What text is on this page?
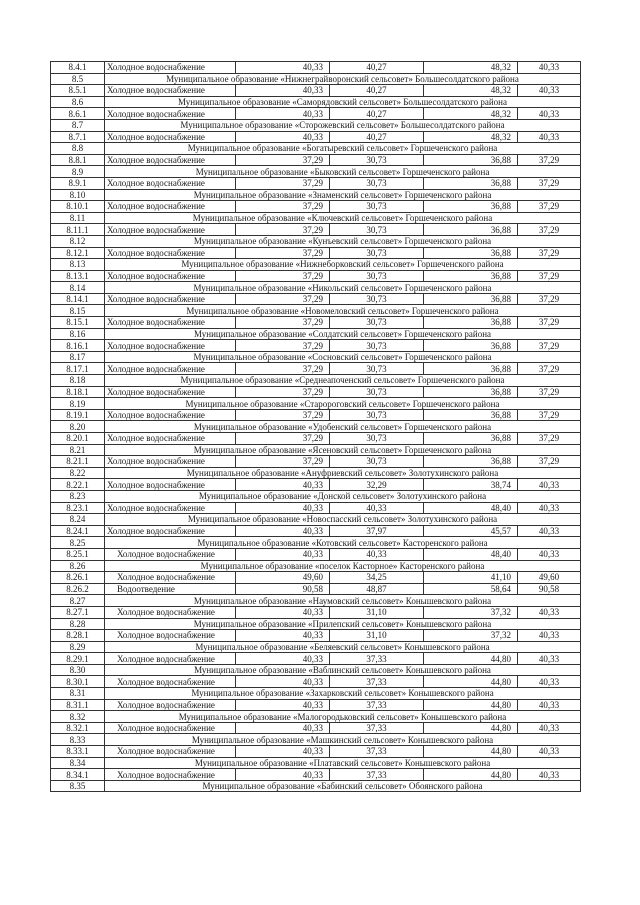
8.4.1	Холодное водоснабжение	40,33	40,27	48,32	40,33
8.5	Муниципальное образование «Нижнеграйворонский сельсовет» Большесолдатского района				
8.5.1	Холодное водоснабжение	40,33	40,27	48,32	40,33
8.6	Муниципальное образование «Саморядовский сельсовет» Большесолдатского района				
8.6.1	Холодное водоснабжение	40,33	40,27	48,32	40,33
8.7	Муниципальное образование «Сторожевский сельсовет» Большесолдатского района				
8.7.1	Холодное водоснабжение	40,33	40,27	48,32	40,33
8.8	Муниципальное образование «Богатыревский сельсовет» Горшеченского района				
8.8.1	Холодное водоснабжение	37,29	30,73	36,88	37,29
8.9	Муниципальное образование «Быковский сельсовет» Горшеченского района				
8.9.1	Холодное водоснабжение	37,29	30,73	36,88	37,29
8.10	Муниципальное образование «Знаменский сельсовет» Горшеченского района				
8.10.1	Холодное водоснабжение	37,29	30,73	36,88	37,29
8.11	Муниципальное образование «Ключевский сельсовет» Горшеченского района				
8.11.1	Холодное водоснабжение	37,29	30,73	36,88	37,29
8.12	Муниципальное образование «Кунъевский сельсовет» Горшеченского района				
8.12.1	Холодное водоснабжение	37,29	30,73	36,88	37,29
8.13	Муниципальное образование «Нижнеборковский сельсовет» Горшеченского района				
8.13.1	Холодное водоснабжение	37,29	30,73	36,88	37,29
8.14	Муниципальное образование «Никольский сельсовет» Горшеченского района				
8.14.1	Холодное водоснабжение	37,29	30,73	36,88	37,29
8.15	Муниципальное образование «Новомеловский сельсовет» Горшеченского района				
8.15.1	Холодное водоснабжение	37,29	30,73	36,88	37,29
8.16	Муниципальное образование «Солдатский сельсовет» Горшеченского района				
8.16.1	Холодное водоснабжение	37,29	30,73	36,88	37,29
8.17	Муниципальное образование «Сосновский сельсовет» Горшеченского района				
8.17.1	Холодное водоснабжение	37,29	30,73	36,88	37,29
8.18	Муниципальное образование «Среднеапоченский сельсовет» Горшеченского района				
8.18.1	Холодное водоснабжение	37,29	30,73	36,88	37,29
8.19	Муниципальное образование «Старороговский сельсовет» Горшеченского района				
8.19.1	Холодное водоснабжение	37,29	30,73	36,88	37,29
8.20	Муниципальное образование «Удобенский сельсовет» Горшеченского района				
8.20.1	Холодное водоснабжение	37,29	30,73	36,88	37,29
8.21	Муниципальное образование «Ясеновский сельсовет» Горшеченского района				
8.21.1	Холодное водоснабжение	37,29	30,73	36,88	37,29
8.22	Муниципальное образование «Ануфриевский сельсовет» Золотухинского района				
8.22.1	Холодное водоснабжение	40,33	32,29	38,74	40,33
8.23	Муниципальное образование «Донской сельсовет» Золотухинского района				
8.23.1	Холодное водоснабжение	40,33	40,33	48,40	40,33
8.24	Муниципальное образование «Новоспасский сельсовет» Золотухинского района				
8.24.1	Холодное водоснабжение	40,33	37,97	45,57	40,33
8.25	Муниципальное образование «Котовский сельсовет» Касторенского района				
8.25.1	Холодное водоснабжение	40,33	40,33	48,40	40,33
8.26	Муниципальное образование «поселок Касторное» Касторенского района				
8.26.1	Холодное водоснабжение	49,60	34,25	41,10	49,60
8.26.2	Водоотведение	90,58	48,87	58,64	90,58
8.27	Муниципальное образование «Наумовский сельсовет» Конышевского района				
8.27.1	Холодное водоснабжение	40,33	31,10	37,32	40,33
8.28	Муниципальное образование «Прилепский сельсовет» Конышевского района				
8.28.1	Холодное водоснабжение	40,33	31,10	37,32	40,33
8.29	Муниципальное образование «Беляевский сельсовет» Конышевского района				
8.29.1	Холодное водоснабжение	40,33	37,33	44,80	40,33
8.30	Муниципальное образование «Ваблинский сельсовет» Конышевского района				
8.30.1	Холодное водоснабжение	40,33	37,33	44,80	40,33
8.31	Муниципальное образование «Захарковский сельсовет» Конышевского района				
8.31.1	Холодное водоснабжение	40,33	37,33	44,80	40,33
8.32	Муниципальное образование «Малогородьковский сельсовет» Конышевского района				
8.32.1	Холодное водоснабжение	40,33	37,33	44,80	40,33
8.33	Муниципальное образование «Машкинский сельсовет» Конышевского района				
8.33.1	Холодное водоснабжение	40,33	37,33	44,80	40,33
8.34	Муниципальное образование «Платавский сельсовет» Конышевского района				
8.34.1	Холодное водоснабжение	40,33	37,33	44,80	40,33
8.35	Муниципальное образование «Бабинский сельсовет» Обоянского района				
